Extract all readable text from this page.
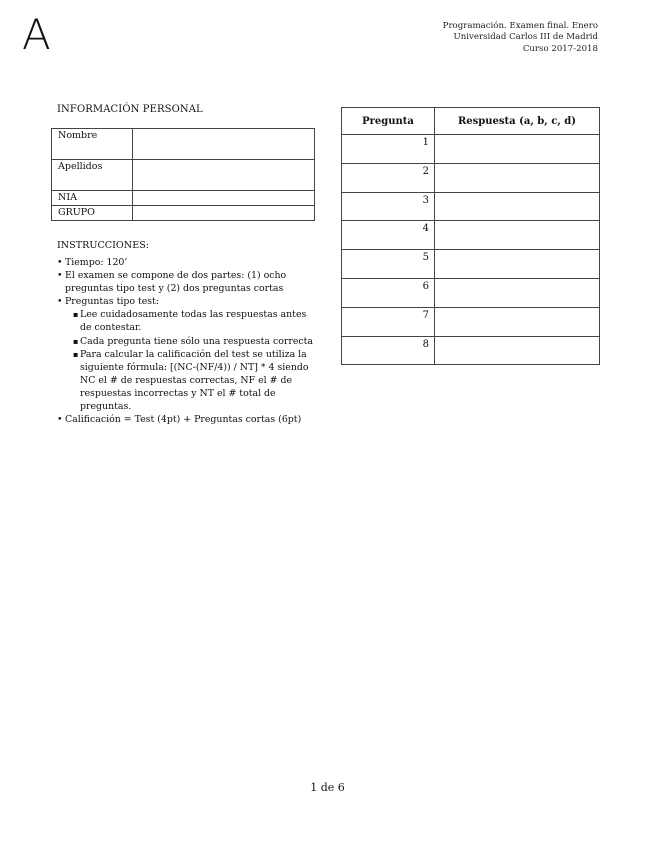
A	Programación. Examen final. Enero
Universidad Carlos III de Madrid
Curso 2017-2018
INFORMACIÓN PERSONAL
Nombre	
Apellidos	
NIA	
GRUPO	
INSTRUCCIONES:
• Tiempo: 120’
• El examen se compone de dos partes: (1) ocho preguntas tipo test y (2) dos preguntas cortas
• Preguntas tipo test:
▪ Lee cuidadosamente todas las respuestas antes de contestar.
▪ Cada pregunta tiene sólo una respuesta correcta
▪ Para calcular la calificación del test se utiliza la siguiente fórmula: [(NC-(NF/4)) / NT] * 4 siendo NC el # de respuestas correctas, NF el # de respuestas incorrectas y NT el # total de preguntas.
• Calificación = Test (4pt) + Preguntas cortas (6pt)
Pregunta	Respuesta (a, b, c, d)
1	
2	
3	
4	
5	
6	
7	
8	
1 de 6
